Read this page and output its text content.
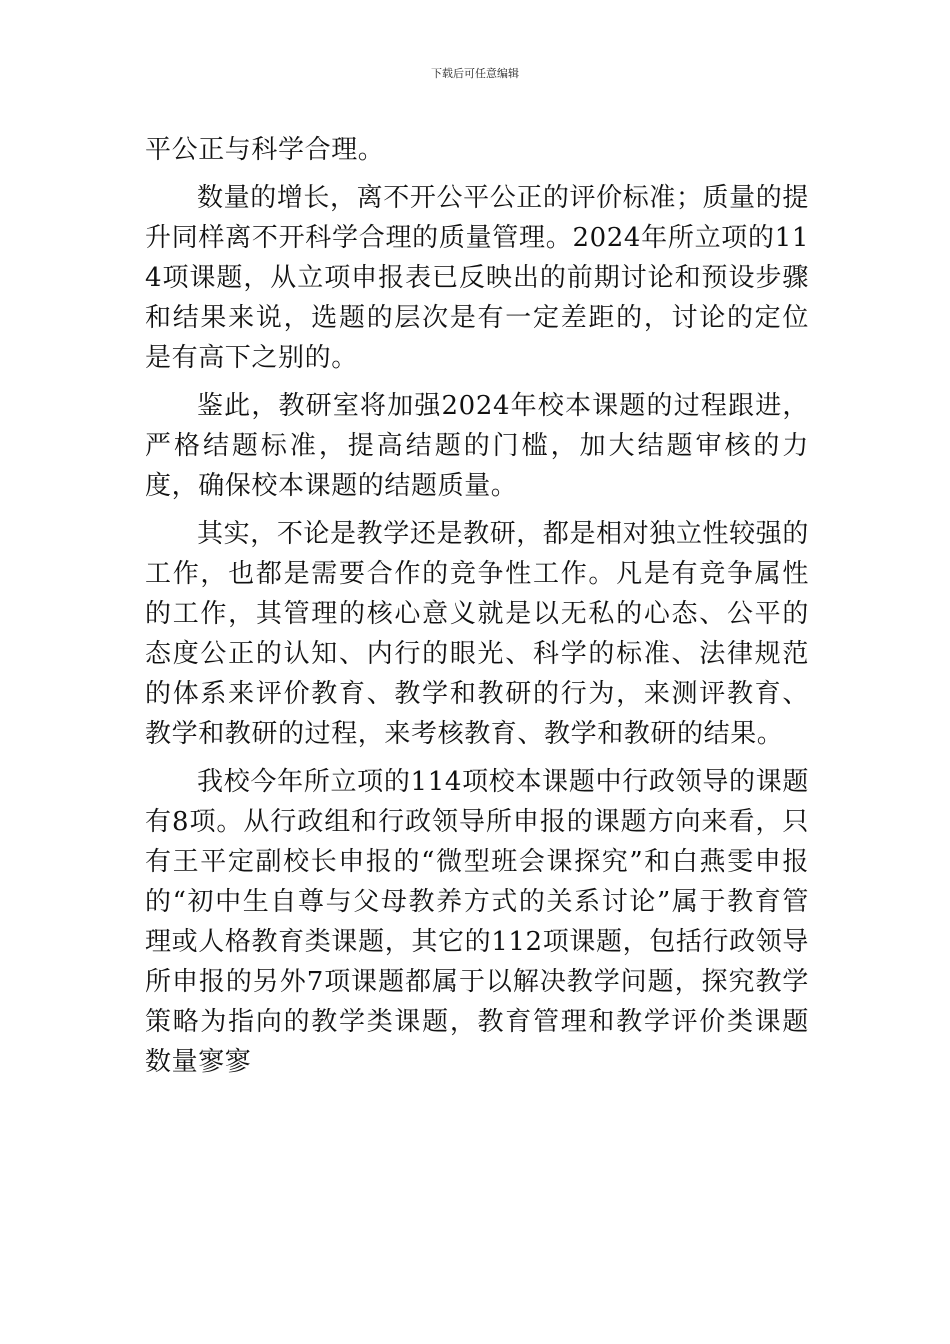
下载后可任意编辑

平公正与科学合理。

数量的增长，离不开公平公正的评价标准；质量的提升同样离不开科学合理的质量管理。2024年所立项的114项课题，从立项申报表已反映出的前期讨论和预设步骤和结果来说，选题的层次是有一定差距的，讨论的定位是有高下之别的。

鉴此，教研室将加强2024年校本课题的过程跟进，严格结题标准，提高结题的门槛，加大结题审核的力度，确保校本课题的结题质量。

其实，不论是教学还是教研，都是相对独立性较强的工作，也都是需要合作的竞争性工作。凡是有竞争属性的工作，其管理的核心意义就是以无私的心态、公平的态度公正的认知、内行的眼光、科学的标准、法律规范的体系来评价教育、教学和教研的行为，来测评教育、教学和教研的过程，来考核教育、教学和教研的结果。

我校今年所立项的114项校本课题中行政领导的课题有8项。从行政组和行政领导所申报的课题方向来看，只有王平定副校长申报的“微型班会课探究”和白燕雯申报的“初中生自尊与父母教养方式的关系讨论”属于教育管理或人格教育类课题，其它的112项课题，包括行政领导所申报的另外7项课题都属于以解决教学问题，探究教学策略为指向的教学类课题，教育管理和教学评价类课题数量寥寥
